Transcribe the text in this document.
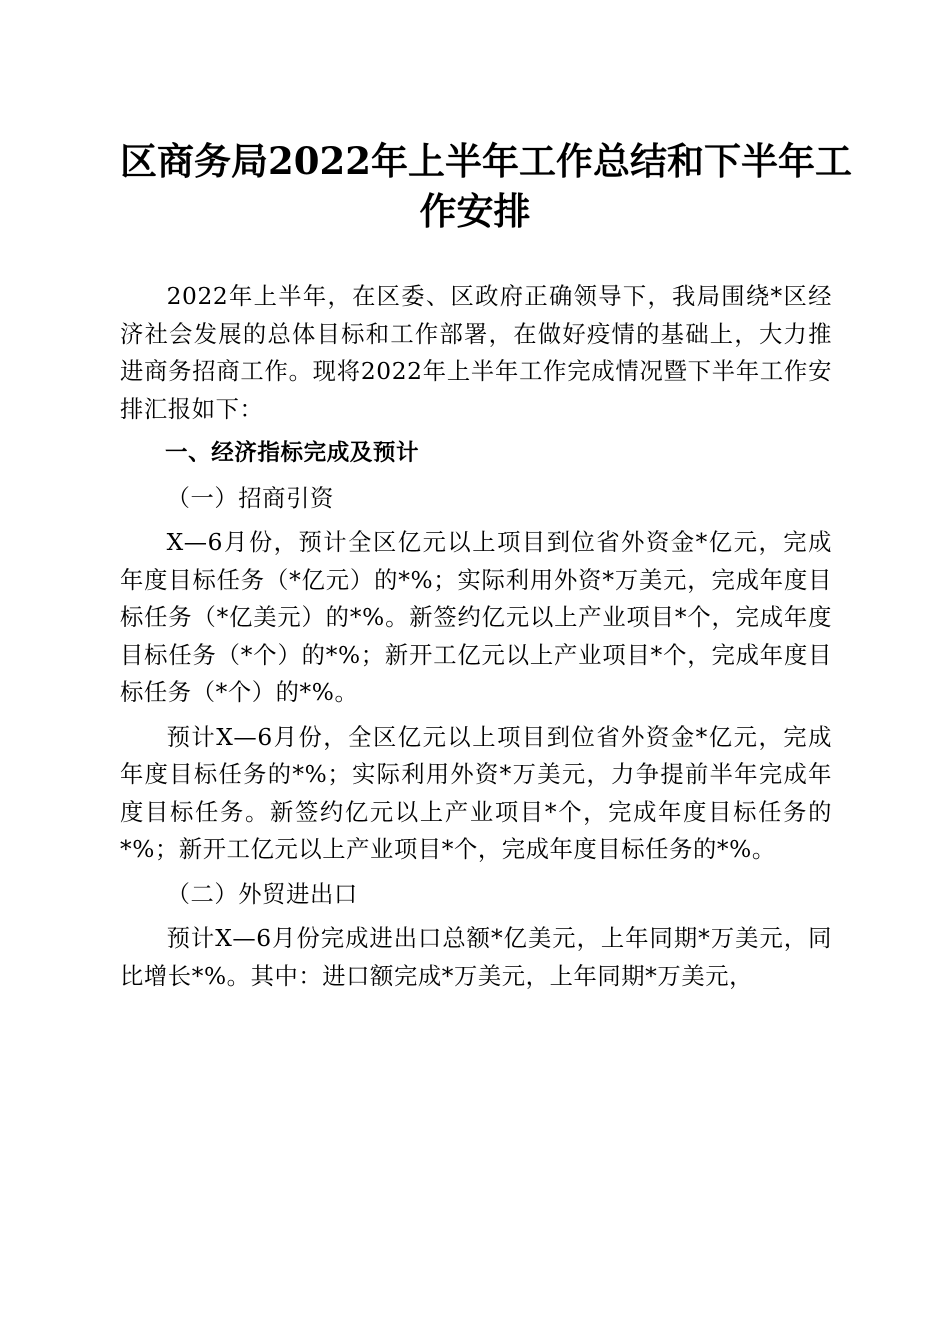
区商务局2022年上半年工作总结和下半年工
作安排

2022年上半年，在区委、区政府正确领导下，我局围绕*区经济社会发展的总体目标和工作部署，在做好疫情的基础上，大力推进商务招商工作。现将2022年上半年工作完成情况暨下半年工作安排汇报如下：

一、经济指标完成及预计

（一）招商引资

X—6月份，预计全区亿元以上项目到位省外资金*亿元，完成年度目标任务（*亿元）的*%；实际利用外资*万美元，完成年度目标任务（*亿美元）的*%。新签约亿元以上产业项目*个，完成年度目标任务（*个）的*%；新开工亿元以上产业项目*个，完成年度目标任务（*个）的*%。

预计X—6月份，全区亿元以上项目到位省外资金*亿元，完成年度目标任务的*%；实际利用外资*万美元，力争提前半年完成年度目标任务。新签约亿元以上产业项目*个，完成年度目标任务的*%；新开工亿元以上产业项目*个，完成年度目标任务的*%。

（二）外贸进出口

预计X—6月份完成进出口总额*亿美元，上年同期*万美元，同比增长*%。其中：进口额完成*万美元，上年同期*万美元，
